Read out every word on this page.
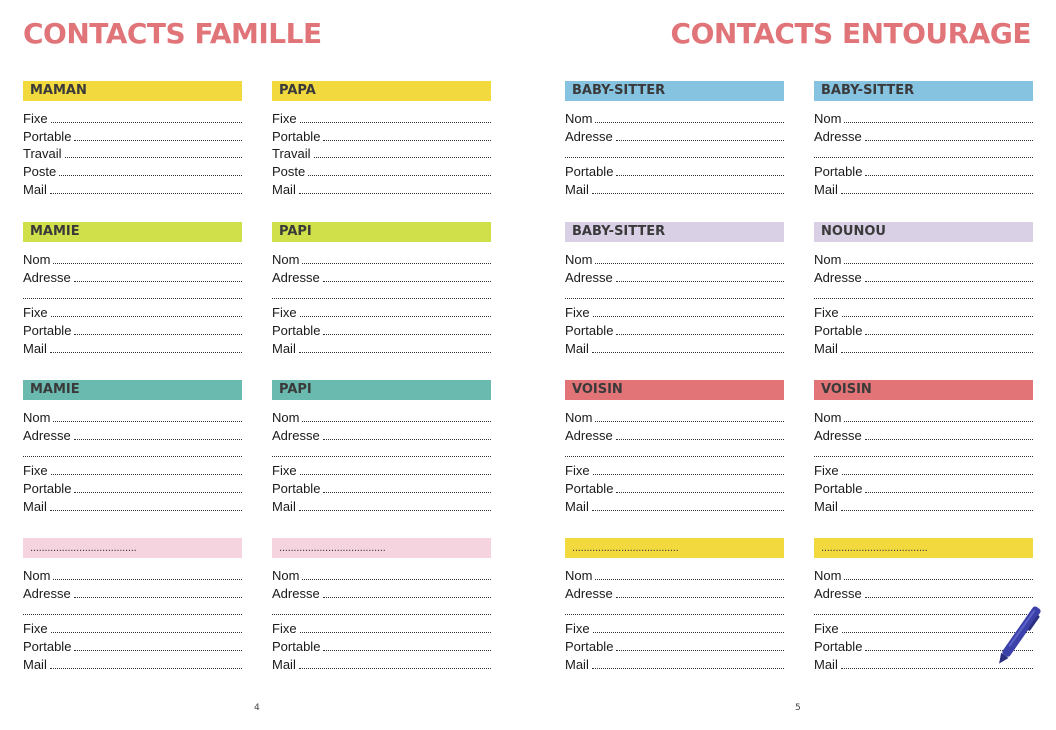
CONTACTS FAMILLE	CONTACTS ENTOURAGE
MAMAN
Fixe
Portable
Travail
Poste
Mail
PAPA
Fixe
Portable
Travail
Poste
Mail
MAMIE
Nom
Adresse
Fixe
Portable
Mail
PAPI
Nom
Adresse
Fixe
Portable
Mail
MAMIE
Nom
Adresse
Fixe
Portable
Mail
PAPI
Nom
Adresse
Fixe
Portable
Mail
.....................................
Nom
Adresse
Fixe
Portable
Mail
.....................................
Nom
Adresse
Fixe
Portable
Mail
BABY-SITTER
Nom
Adresse
Portable
Mail
BABY-SITTER
Nom
Adresse
Portable
Mail
BABY-SITTER
Nom
Adresse
Fixe
Portable
Mail
NOUNOU
Nom
Adresse
Fixe
Portable
Mail
VOISIN
Nom
Adresse
Fixe
Portable
Mail
VOISIN
Nom
Adresse
Fixe
Portable
Mail
.....................................
Nom
Adresse
Fixe
Portable
Mail
.....................................
Nom
Adresse
Fixe
Portable
Mail
4	5
